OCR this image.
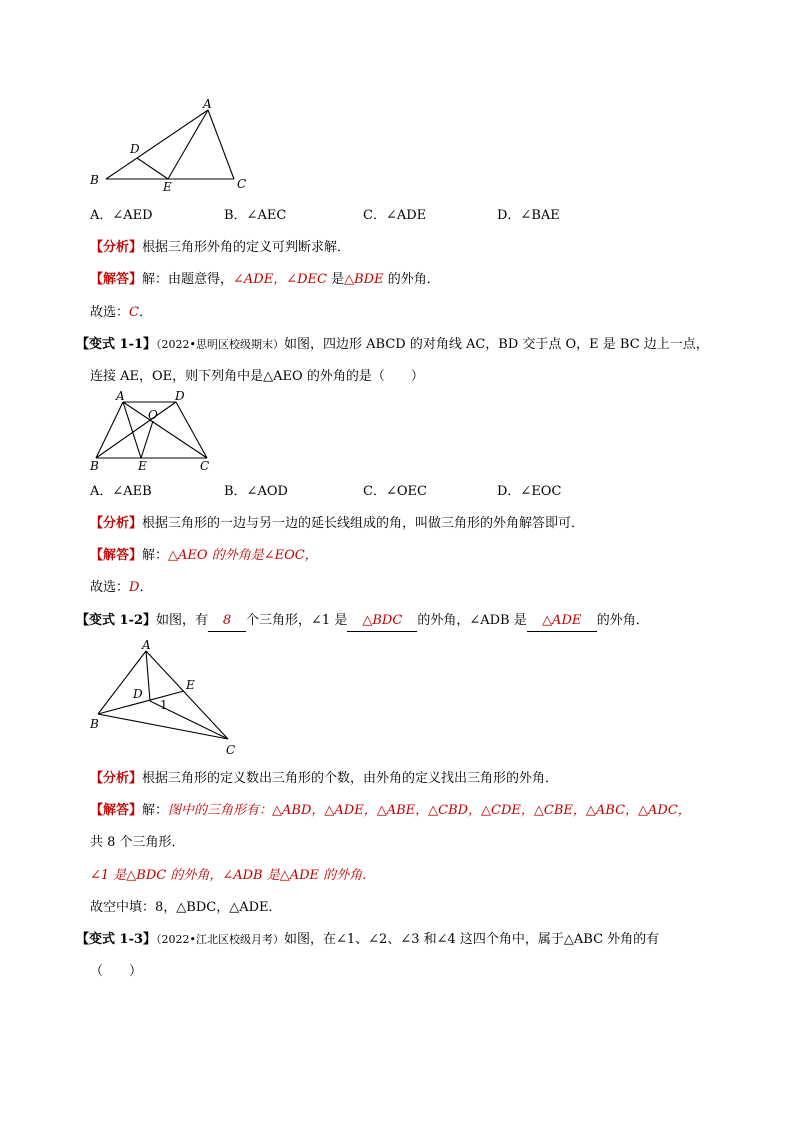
A
B	C
D
E
A．∠AED	B．∠AEC	C．∠ADE	D．∠BAE
【分析】根据三角形外角的定义可判断求解．
【解答】解：由题意得，∠ADE，∠DEC 是△BDE 的外角．
故选：C．
【变式 1-1】（2022•思明区校级期末）如图，四边形 ABCD 的对角线 AC，BD 交于点 O，E 是 BC 边上一点，
连接 AE，OE，则下列角中是△AEO 的外角的是（　　）
A	D
O
B	E	C
A．∠AEB	B．∠AOD	C．∠OEC	D．∠EOC
【分析】根据三角形的一边与另一边的延长线组成的角，叫做三角形的外角解答即可．
【解答】解：△AEO 的外角是∠EOC，
故选：D．
【变式 1-2】如图，有 8 个三角形，∠1 是 △BDC 的外角，∠ADB 是 △ADE 的外角．
A
B
C
D
E
1
【分析】根据三角形的定义数出三角形的个数，由外角的定义找出三角形的外角．
【解答】解：图中的三角形有：△ABD，△ADE，△ABE，△CBD，△CDE，△CBE，△ABC，△ADC，
共 8 个三角形．
∠1 是△BDC 的外角，∠ADB 是△ADE 的外角．
故空中填：8，△BDC，△ADE．
【变式 1-3】（2022•江北区校级月考）如图，在∠1、∠2、∠3 和∠4 这四个角中，属于△ABC 外角的有
（　　）
